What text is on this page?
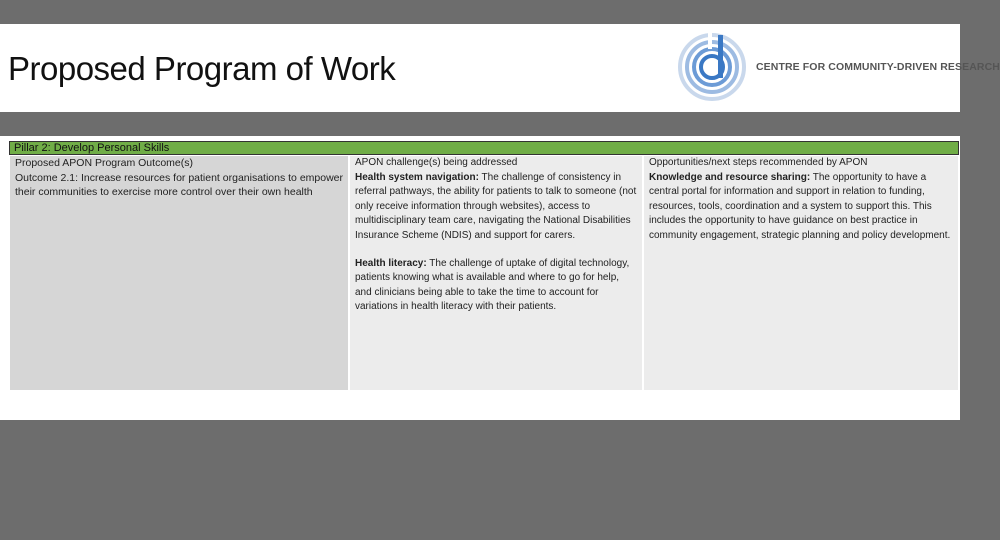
Proposed Program of Work	CENTRE FOR COMMUNITY-DRIVEN RESEARCH
Pillar 2: Develop Personal Skills
Proposed APON Program Outcome(s)
Outcome 2.1: Increase resources for patient organisations to empower their communities to exercise more control over their own health
APON challenge(s) being addressed
Health system navigation: The challenge of consistency in referral pathways, the ability for patients to talk to someone (not only receive information through websites), access to multidisciplinary team care, navigating the National Disabilities Insurance Scheme (NDIS) and support for carers.
Health literacy: The challenge of uptake of digital technology, patients knowing what is available and where to go for help, and clinicians being able to take the time to account for variations in health literacy with their patients.
Opportunities/next steps recommended by APON
Knowledge and resource sharing: The opportunity to have a central portal for information and support in relation to funding, resources, tools, coordination and a system to support this. This includes the opportunity to have guidance on best practice in community engagement, strategic planning and policy development.
